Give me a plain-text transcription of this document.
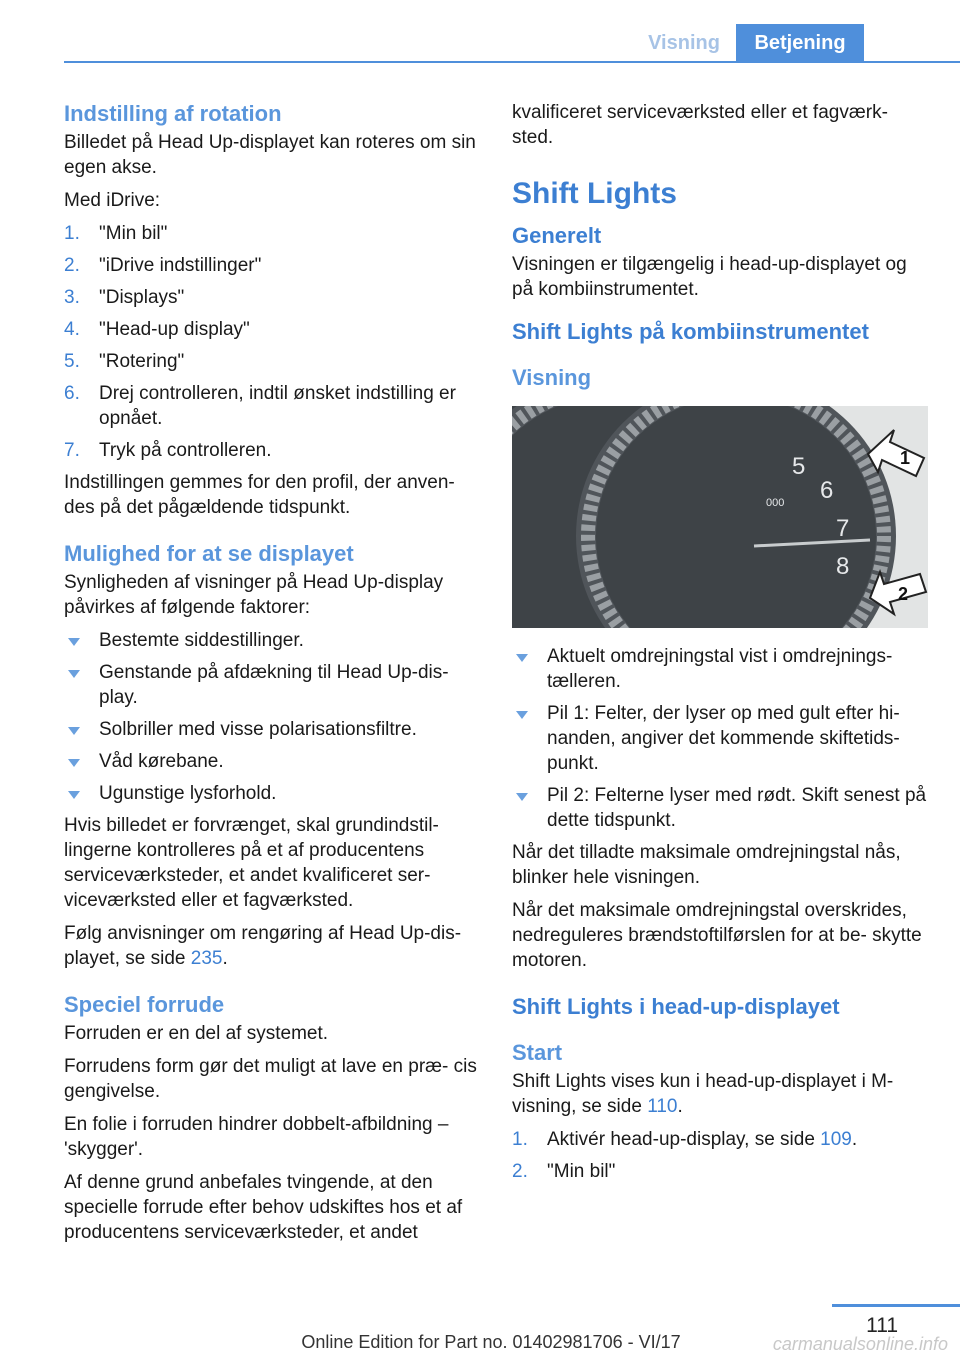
Visning	Betjening
Indstilling af rotation

Billedet på Head Up-displayet kan roteres om sin egen akse.

Med iDrive:

1. "Min bil"
2. "iDrive indstillinger"
3. "Displays"
4. "Head-up display"
5. "Rotering"
6. Drej controlleren, indtil ønsket indstilling er opnået.
7. Tryk på controlleren.

Indstillingen gemmes for den profil, der anven- des på det pågældende tidspunkt.

Mulighed for at se displayet

Synligheden af visninger på Head Up-display påvirkes af følgende faktorer:

Bestemte siddestillinger.
Genstande på afdækning til Head Up-dis- play.
Solbriller med visse polarisationsfiltre.
Våd kørebane.
Ugunstige lysforhold.

Hvis billedet er forvrænget, skal grundindstil- lingerne kontrolleres på et af producentens serviceværksteder, et andet kvalificeret ser- viceværksted eller et fagværksted.

Følg anvisninger om rengøring af Head Up-dis- playet, se side 235.

Speciel forrude

Forruden er en del af systemet.

Forrudens form gør det muligt at lave en præ- cis gengivelse.

En folie i forruden hindrer dobbelt-afbildning – 'skygger'.

Af denne grund anbefales tvingende, at den specielle forrude efter behov udskiftes hos et af producentens serviceværksteder, et andet

kvalificeret serviceværksted eller et fagværk- sted.

Shift Lights
Generelt

Visningen er tilgængelig i head-up-displayet og på kombiinstrumentet.

Shift Lights på kombiinstrumentet
Visning
000
5
6
7
8
1
2
Aktuelt omdrejningstal vist i omdrejnings- tælleren.
Pil 1: Felter, der lyser op med gult efter hi- nanden, angiver det kommende skiftetids- punkt.
Pil 2: Felterne lyser med rødt. Skift senest på dette tidspunkt.

Når det tilladte maksimale omdrejningstal nås, blinker hele visningen.

Når det maksimale omdrejningstal overskrides, nedreguleres brændstoftilførslen for at be- skytte motoren.

Shift Lights i head-up-displayet
Start

Shift Lights vises kun i head-up-displayet i M- visning, se side 110.

1. Aktivér head-up-display, se side 109.
2. "Min bil"
111
Online Edition for Part no. 01402981706 - VI/17	carmanualsonline.info
